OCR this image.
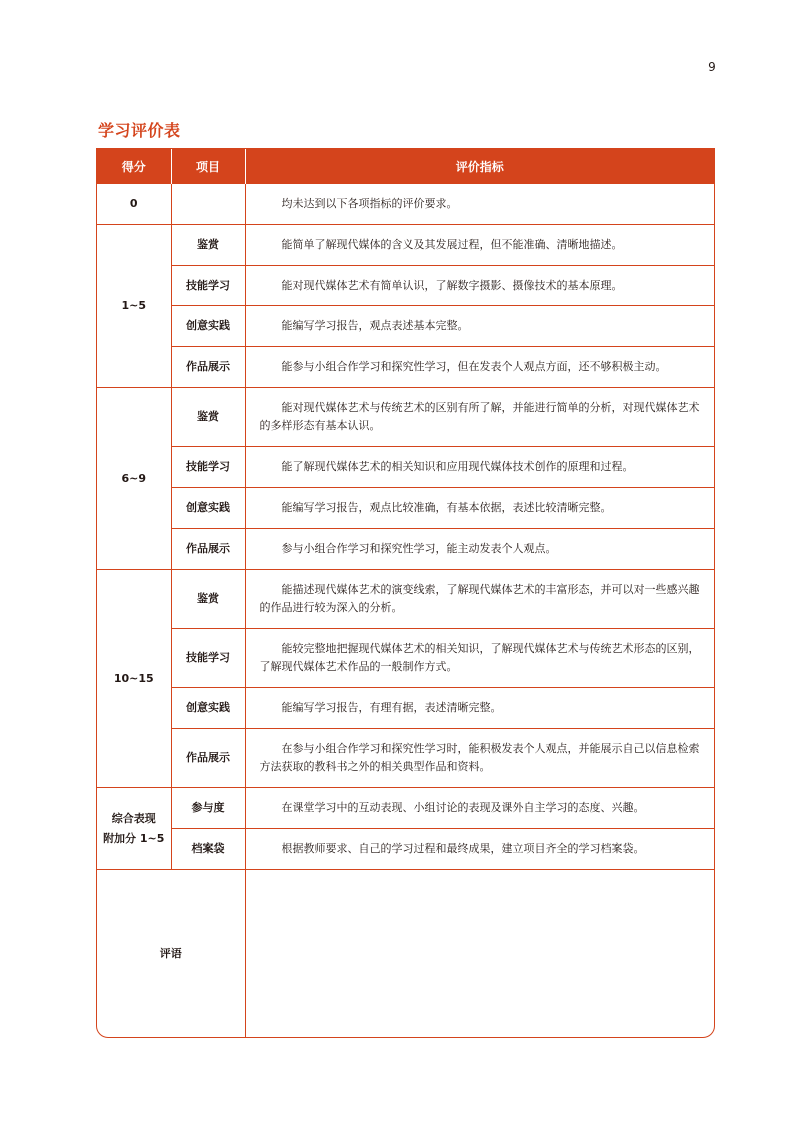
9
学习评价表
得分	项目	评价指标
0		均未达到以下各项指标的评价要求。
1~5	鉴赏	能简单了解现代媒体的含义及其发展过程，但不能准确、清晰地描述。
	技能学习	能对现代媒体艺术有简单认识，了解数字摄影、摄像技术的基本原理。
	创意实践	能编写学习报告，观点表述基本完整。
	作品展示	能参与小组合作学习和探究性学习，但在发表个人观点方面，还不够积极主动。
6~9	鉴赏	能对现代媒体艺术与传统艺术的区别有所了解，并能进行简单的分析，对现代媒体艺术的多样形态有基本认识。
	技能学习	能了解现代媒体艺术的相关知识和应用现代媒体技术创作的原理和过程。
	创意实践	能编写学习报告，观点比较准确，有基本依据，表述比较清晰完整。
	作品展示	参与小组合作学习和探究性学习，能主动发表个人观点。
10~15	鉴赏	能描述现代媒体艺术的演变线索，了解现代媒体艺术的丰富形态，并可以对一些感兴趣的作品进行较为深入的分析。
	技能学习	能较完整地把握现代媒体艺术的相关知识，了解现代媒体艺术与传统艺术形态的区别，了解现代媒体艺术作品的一般制作方式。
	创意实践	能编写学习报告，有理有据，表述清晰完整。
	作品展示	在参与小组合作学习和探究性学习时，能积极发表个人观点，并能展示自己以信息检索方法获取的教科书之外的相关典型作品和资料。

综合表现
附加分 1~5	参与度	在课堂学习中的互动表现、小组讨论的表现及课外自主学习的态度、兴趣。
	档案袋	根据教师要求、自己的学习过程和最终成果，建立项目齐全的学习档案袋。
评语		
